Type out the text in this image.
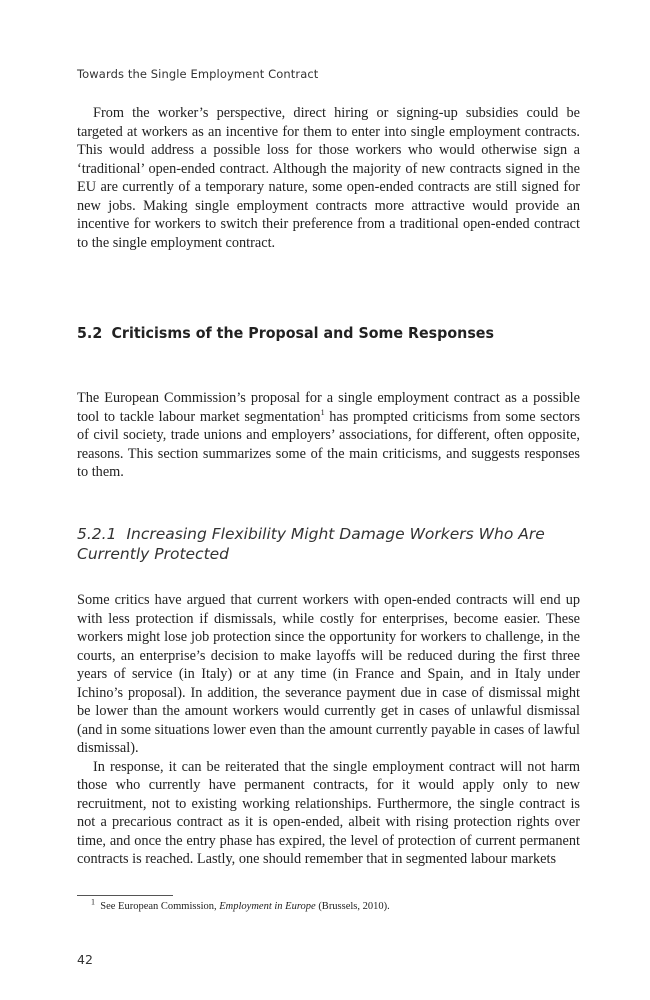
Towards the Single Employment Contract

From the worker’s perspective, direct hiring or signing-up subsidies could be targeted at workers as an incentive for them to enter into single employment contracts. This would address a possible loss for those workers who would otherwise sign a ‘traditional’ open-ended contract. Although the majority of new contracts signed in the EU are currently of a temporary nature, some open-ended contracts are still signed for new jobs. Making single employment contracts more attractive would provide an incentive for workers to switch their preference from a traditional open-ended contract to the single employment contract.

5.2 Criticisms of the Proposal and Some Responses

The European Commission’s proposal for a single employment contract as a possible tool to tackle labour market segmentation$^1$ has prompted criticisms from some sectors of civil society, trade unions and employers’ associations, for different, often opposite, reasons. This section summarizes some of the main criticisms, and suggests responses to them.

5.2.1 Increasing Flexibility Might Damage Workers Who Are Currently Protected

Some critics have argued that current workers with open-ended contracts will end up with less protection if dismissals, while costly for enterprises, become easier. These workers might lose job protection since the opportunity for workers to challenge, in the courts, an enterprise’s decision to make layoffs will be reduced during the first three years of service (in Italy) or at any time (in France and Spain, and in Italy under Ichino’s proposal). In addition, the severance payment due in case of dismissal might be lower than the amount workers would currently get in cases of unlawful dismissal (and in some situations lower even than the amount currently payable in cases of lawful dismissal).

In response, it can be reiterated that the single employment contract will not harm those who currently have permanent contracts, for it would apply only to new recruitment, not to existing working relationships. Furthermore, the single contract is not a precarious contract as it is open-ended, albeit with rising protection rights over time, and once the entry phase has expired, the level of protection of current permanent contracts is reached. Lastly, one should remember that in segmented labour markets

$^1$ See European Commission, Employment in Europe (Brussels, 2010).
42
